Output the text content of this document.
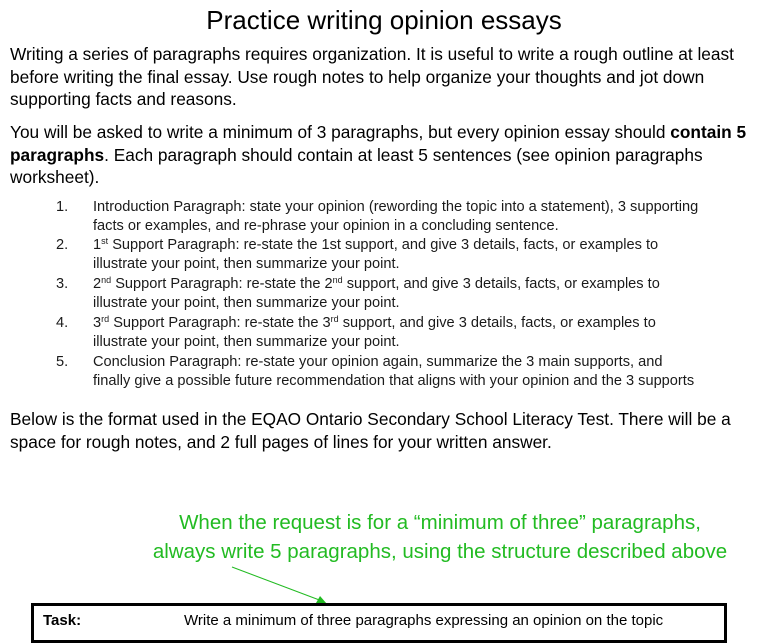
Practice writing opinion essays

Writing a series of paragraphs requires organization. It is useful to write a rough outline at least before writing the final essay. Use rough notes to help organize your thoughts and jot down supporting facts and reasons.

You will be asked to write a minimum of 3 paragraphs, but every opinion essay should contain 5 paragraphs. Each paragraph should contain at least 5 sentences (see opinion paragraphs worksheet).

1. Introduction Paragraph: state your opinion (rewording the topic into a statement), 3 supporting
facts or examples, and re-phrase your opinion in a concluding sentence.
2. 1st Support Paragraph: re-state the 1st support, and give 3 details, facts, or examples to
illustrate your point, then summarize your point.
3. 2nd Support Paragraph: re-state the 2nd support, and give 3 details, facts, or examples to
illustrate your point, then summarize your point.
4. 3rd Support Paragraph: re-state the 3rd support, and give 3 details, facts, or examples to
illustrate your point, then summarize your point.
5. Conclusion Paragraph: re-state your opinion again, summarize the 3 main supports, and
finally give a possible future recommendation that aligns with your opinion and the 3 supports

Below is the format used in the EQAO Ontario Secondary School Literacy Test. There will be a space for rough notes, and 2 full pages of lines for your written answer.

When the request is for a “minimum of three” paragraphs,
always write 5 paragraphs, using the structure described above
Task:	Write a minimum of three paragraphs expressing an opinion on the topic
